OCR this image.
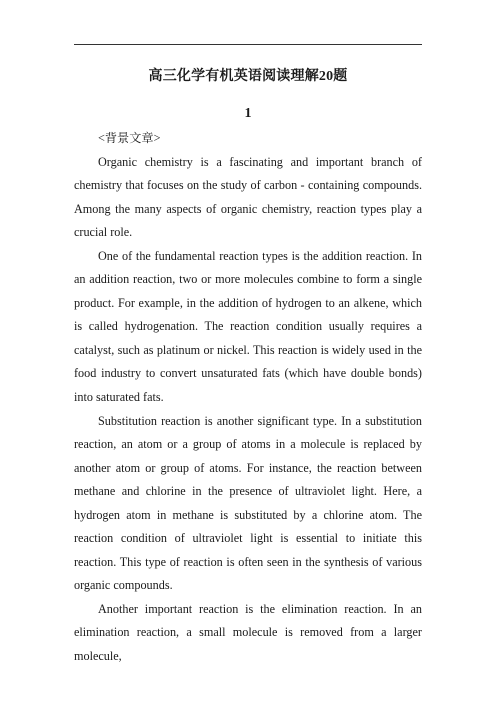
高三化学有机英语阅读理解20题
1

<背景文章>

Organic chemistry is a fascinating and important branch of chemistry that focuses on the study of carbon - containing compounds. Among the many aspects of organic chemistry, reaction types play a crucial role.

One of the fundamental reaction types is the addition reaction. In an addition reaction, two or more molecules combine to form a single product. For example, in the addition of hydrogen to an alkene, which is called hydrogenation. The reaction condition usually requires a catalyst, such as platinum or nickel. This reaction is widely used in the food industry to convert unsaturated fats (which have double bonds) into saturated fats.

Substitution reaction is another significant type. In a substitution reaction, an atom or a group of atoms in a molecule is replaced by another atom or group of atoms. For instance, the reaction between methane and chlorine in the presence of ultraviolet light. Here, a hydrogen atom in methane is substituted by a chlorine atom. The reaction condition of ultraviolet light is essential to initiate this reaction. This type of reaction is often seen in the synthesis of various organic compounds.

Another important reaction is the elimination reaction. In an elimination reaction, a small molecule is removed from a larger molecule,
